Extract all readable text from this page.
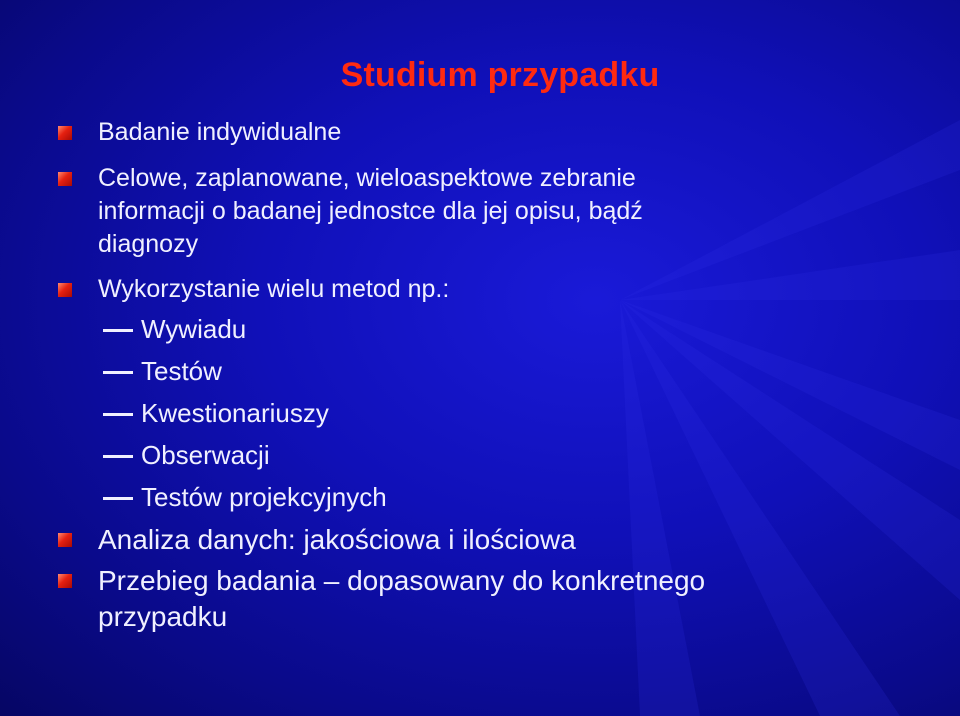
Studium przypadku
Badanie indywidualne
Celowe, zaplanowane, wieloaspektowe zebranie
informacji o badanej jednostce dla jej opisu, bądź
diagnozy
Wykorzystanie wielu metod np.:
Wywiadu
Testów
Kwestionariuszy
Obserwacji
Testów projekcyjnych
Analiza danych: jakościowa i ilościowa
Przebieg badania – dopasowany do konkretnego
przypadku
